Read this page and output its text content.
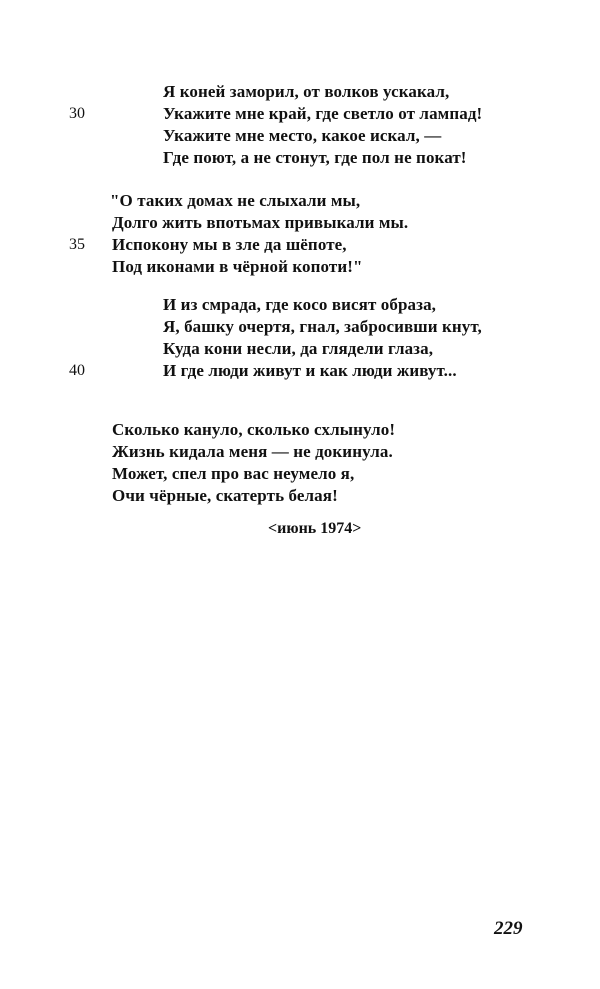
Я коней заморил, от волков ускакал,
Укажите мне край, где светло от лампад!
Укажите мне место, какое искал, —
Где поют, а не стонут, где пол не покат!
"О таких домах не слыхали мы,
Долго жить впотьмах привыкали мы.
Испокону мы в зле да шёпоте,
Под иконами в чёрной копоти!"
И из смрада, где косо висят образа,
Я, башку очертя, гнал, забросивши кнут,
Куда кони несли, да глядели глаза,
И где люди живут и как люди живут...
Сколько кануло, сколько схлынуло!
Жизнь кидала меня — не докинула.
Может, спел про вас неумело я,
Очи чёрные, скатерть белая!
30
35
40
<июнь 1974>
229
